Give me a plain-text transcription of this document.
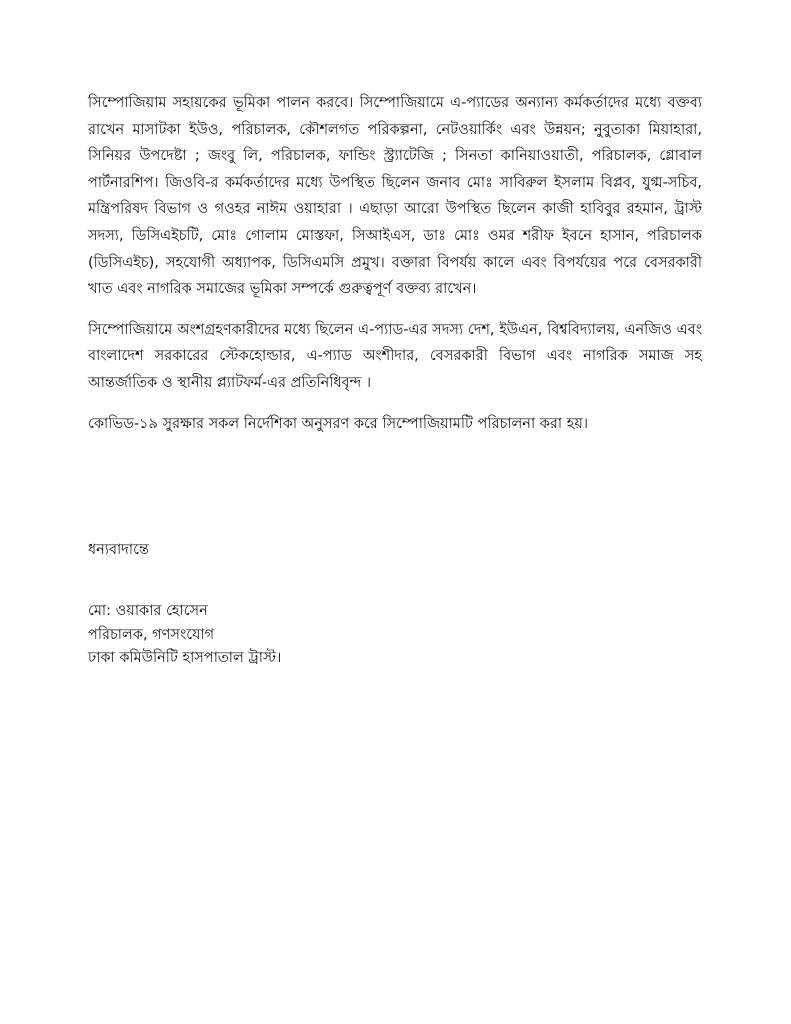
সিম্পোজিয়াম সহায়কের ভূমিকা পালন করবে। সিম্পোজিয়ামে এ-প্যাডের অন্যান্য কর্মকর্তাদের মধ্যে বক্তব্য রাখেন মাসাটকা ইউও, পরিচালক, কৌশলগত পরিকল্পনা, নেটওয়ার্কিং এবং উন্নয়ন; নুবুতাকা মিয়াহারা, সিনিয়র উপদেষ্টা ; জংবু লি, পরিচালক, ফান্ডিং স্ট্র্যাটেজি ; সিনতা কানিয়াওয়াতী, পরিচালক, গ্লোবাল পার্টনারশিপ। জিওবি-র কর্মকর্তাদের মধ্যে উপস্থিত ছিলেন জনাব মোঃ সাবিরুল ইসলাম বিপ্লব, যুগ্ম-সচিব, মন্ত্রিপরিষদ বিভাগ ও গওহর নাঈম ওয়াহারা । এছাড়া আরো উপস্থিত ছিলেন কাজী হাবিবুর রহমান, ট্রাস্ট সদস্য, ডিসিএইচটি, মোঃ গোলাম মোস্তফা, সিআইএস, ডাঃ মোঃ ওমর শরীফ ইবনে হাসান, পরিচালক (ডিসিএইচ), সহযোগী অধ্যাপক, ডিসিএমসি প্রমুখ। বক্তারা বিপর্যয় কালে এবং বিপর্যয়ের পরে বেসরকারী খাত এবং নাগরিক সমাজের ভূমিকা সম্পর্কে গুরুত্বপূর্ণ বক্তব্য রাখেন।

সিম্পোজিয়ামে অংশগ্রহণকারীদের মধ্যে ছিলেন এ-প্যাড-এর সদস্য দেশ, ইউএন, বিশ্ববিদ্যালয়, এনজিও এবং বাংলাদেশ সরকারের স্টেকহোল্ডার, এ-প্যাড অংশীদার, বেসরকারী বিভাগ এবং নাগরিক সমাজ সহ আন্তর্জাতিক ও স্থানীয় প্ল্যাটফর্ম-এর প্রতিনিধিবৃন্দ ।

কোভিড-১৯ সুরক্ষার সকল নির্দেশিকা অনুসরণ করে সিম্পোজিয়ামটি পরিচালনা করা হয়।

ধন্যবাদান্তে
মো: ওয়াকার হোসেন
পরিচালক, গণসংযোগ
ঢাকা কমিউনিটি হাসপাতাল ট্রাস্ট।
